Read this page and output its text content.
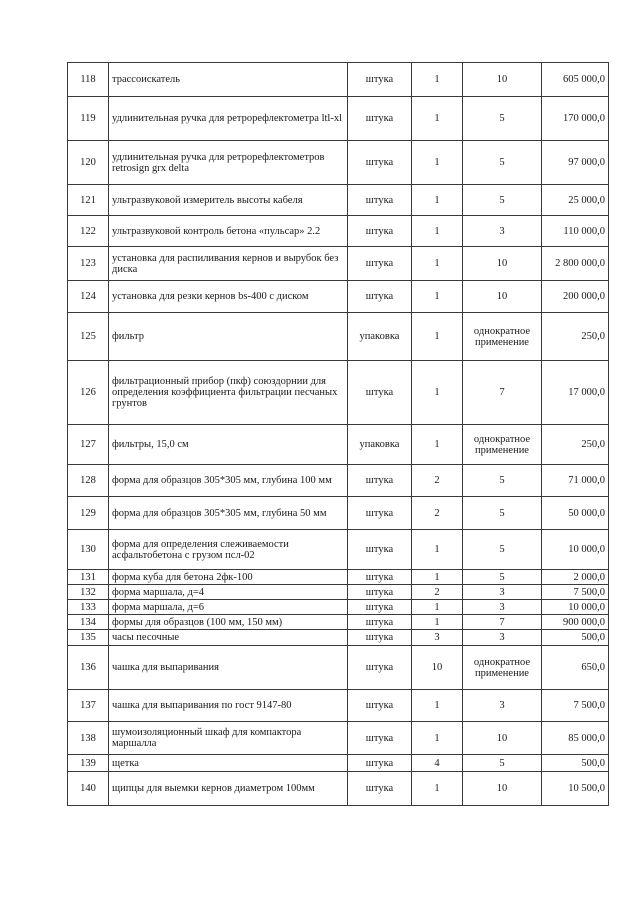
118	трассоискатель	штука	1	10	605 000,0
119	удлинительная ручка для ретрорефлектометра ltl-xl	штука	1	5	170 000,0
120	удлинительная ручка для ретрорефлектометров retrosign grx delta	штука	1	5	97 000,0
121	ультразвуковой измеритель высоты кабеля	штука	1	5	25 000,0
122	ультразвуковой контроль бетона «пульсар» 2.2	штука	1	3	110 000,0
123	установка для распиливания кернов и вырубок без диска	штука	1	10	2 800 000,0
124	установка для резки кернов bs-400 с диском	штука	1	10	200 000,0
125	фильтр	упаковка	1	однократное применение	250,0
126	фильтрационный прибор (пкф) союздорнии для определения коэффициента фильтрации песчаных грунтов	штука	1	7	17 000,0
127	фильтры, 15,0 см	упаковка	1	однократное применение	250,0
128	форма для образцов 305*305 мм, глубина 100 мм	штука	2	5	71 000,0
129	форма для образцов 305*305 мм, глубина 50 мм	штука	2	5	50 000,0
130	форма для определения слеживаемости асфальтобетона с грузом псл-02	штука	1	5	10 000,0
131	форма куба для бетона 2фк-100	штука	1	5	2 000,0
132	форма маршала, д=4	штука	2	3	7 500,0
133	форма маршала, д=6	штука	1	3	10 000,0
134	формы для образцов (100 мм, 150 мм)	штука	1	7	900 000,0
135	часы песочные	штука	3	3	500,0
136	чашка для выпаривания	штука	10	однократное применение	650,0
137	чашка для выпаривания по гост 9147-80	штука	1	3	7 500,0
138	шумоизоляционный шкаф для компактора маршалла	штука	1	10	85 000,0
139	щетка	штука	4	5	500,0
140	щипцы для выемки кернов диаметром 100мм	штука	1	10	10 500,0
